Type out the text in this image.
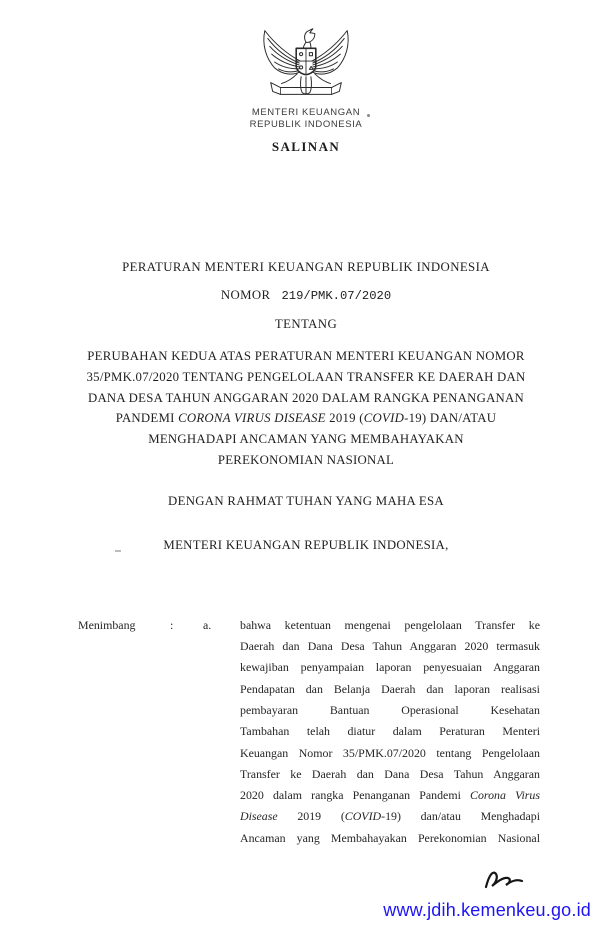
MENTERI KEUANGAN
REPUBLIK INDONESIA
SALINAN
PERATURAN MENTERI KEUANGAN REPUBLIK INDONESIA
NOMOR 219/PMK.07/2020
TENTANG
PERUBAHAN KEDUA ATAS PERATURAN MENTERI KEUANGAN NOMOR
35/PMK.07/2020 TENTANG PENGELOLAAN TRANSFER KE DAERAH DAN
DANA DESA TAHUN ANGGARAN 2020 DALAM RANGKA PENANGANAN
PANDEMI CORONA VIRUS DISEASE 2019 (COVID-19) DAN/ATAU
MENGHADAPI ANCAMAN YANG MEMBAHAYAKAN
PEREKONOMIAN NASIONAL
DENGAN RAHMAT TUHAN YANG MAHA ESA
MENTERI KEUANGAN REPUBLIK INDONESIA,
Menimbang	:	a.	bahwa ketentuan mengenai pengelolaan Transfer ke
Daerah dan Dana Desa Tahun Anggaran 2020 termasuk
kewajiban penyampaian laporan penyesuaian Anggaran
Pendapatan dan Belanja Daerah dan laporan realisasi
pembayaran Bantuan Operasional Kesehatan
Tambahan telah diatur dalam Peraturan Menteri
Keuangan Nomor 35/PMK.07/2020 tentang Pengelolaan
Transfer ke Daerah dan Dana Desa Tahun Anggaran
2020 dalam rangka Penanganan Pandemi Corona Virus
Disease 2019 (COVID-19) dan/atau Menghadapi
Ancaman yang Membahayakan Perekonomian Nasional
www.jdih.kemenkeu.go.id
